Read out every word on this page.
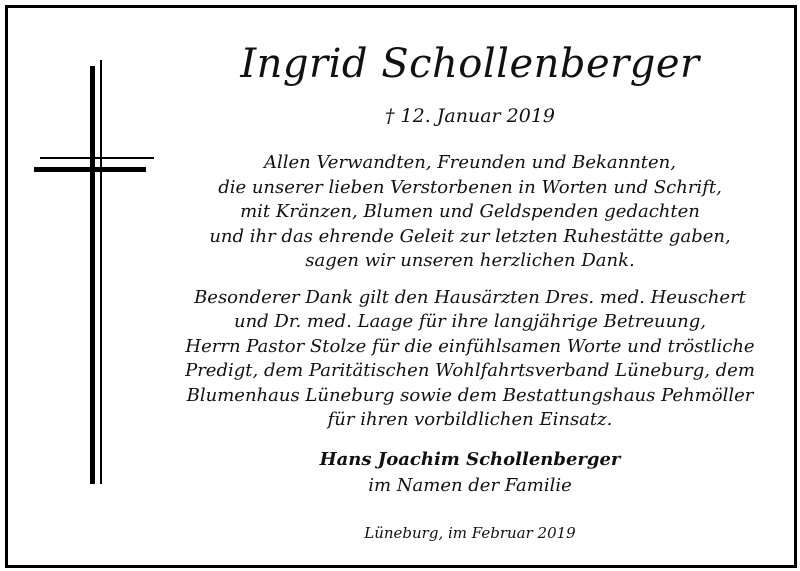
Ingrid Schollenberger
† 12. Januar 2019

Allen Verwandten, Freunden und Bekannten,
die unserer lieben Verstorbenen in Worten und Schrift,
mit Kränzen, Blumen und Geldspenden gedachten
und ihr das ehrende Geleit zur letzten Ruhestätte gaben,
sagen wir unseren herzlichen Dank.

Besonderer Dank gilt den Hausärzten Dres. med. Heuschert
und Dr. med. Laage für ihre langjährige Betreuung,
Herrn Pastor Stolze für die einfühlsamen Worte und tröstliche
Predigt, dem Paritätischen Wohlfahrtsverband Lüneburg, dem
Blumenhaus Lüneburg sowie dem Bestattungshaus Pehmöller
für ihren vorbildlichen Einsatz.

Hans Joachim Schollenberger
im Namen der Familie
Lüneburg, im Februar 2019
